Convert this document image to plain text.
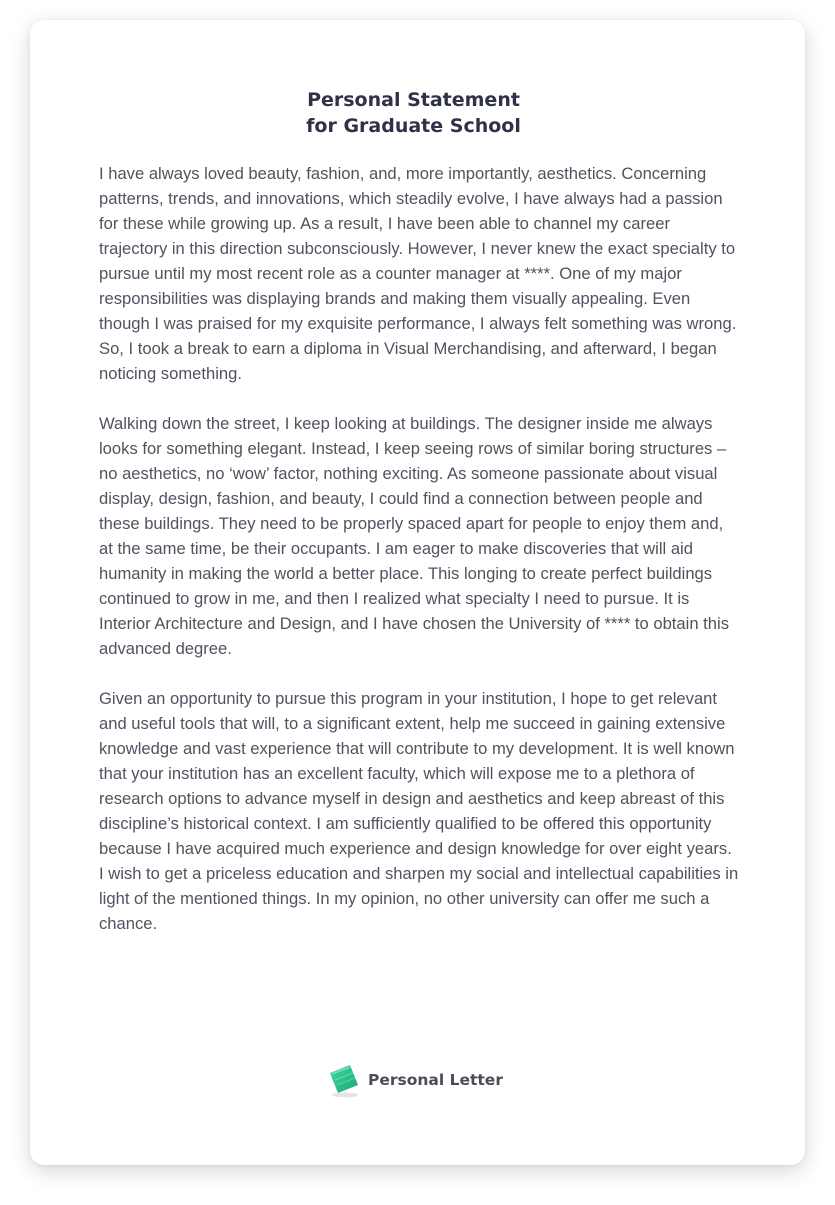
Personal Statement
for Graduate School

I have always loved beauty, fashion, and, more importantly, aesthetics. Concerning patterns, trends, and innovations, which steadily evolve, I have always had a passion for these while growing up. As a result, I have been able to channel my career trajectory in this direction subconsciously. However, I never knew the exact specialty to pursue until my most recent role as a counter manager at ****. One of my major responsibilities was displaying brands and making them visually appealing. Even though I was praised for my exquisite performance, I always felt something was wrong. So, I took a break to earn a diploma in Visual Merchandising, and afterward, I began noticing something.

Walking down the street, I keep looking at buildings. The designer inside me always looks for something elegant. Instead, I keep seeing rows of similar boring structures – no aesthetics, no ‘wow’ factor, nothing exciting. As someone passionate about visual display, design, fashion, and beauty, I could find a connection between people and these buildings. They need to be properly spaced apart for people to enjoy them and, at the same time, be their occupants. I am eager to make discoveries that will aid humanity in making the world a better place. This longing to create perfect buildings continued to grow in me, and then I realized what specialty I need to pursue. It is Interior Architecture and Design, and I have chosen the University of **** to obtain this advanced degree.

Given an opportunity to pursue this program in your institution, I hope to get relevant and useful tools that will, to a significant extent, help me succeed in gaining extensive knowledge and vast experience that will contribute to my development. It is well known that your institution has an excellent faculty, which will expose me to a plethora of research options to advance myself in design and aesthetics and keep abreast of this discipline’s historical context. I am sufficiently qualified to be offered this opportunity because I have acquired much experience and design knowledge for over eight years. I wish to get a priceless education and sharpen my social and intellectual capabilities in light of the mentioned things. In my opinion, no other university can offer me such a chance.

Personal Letter
